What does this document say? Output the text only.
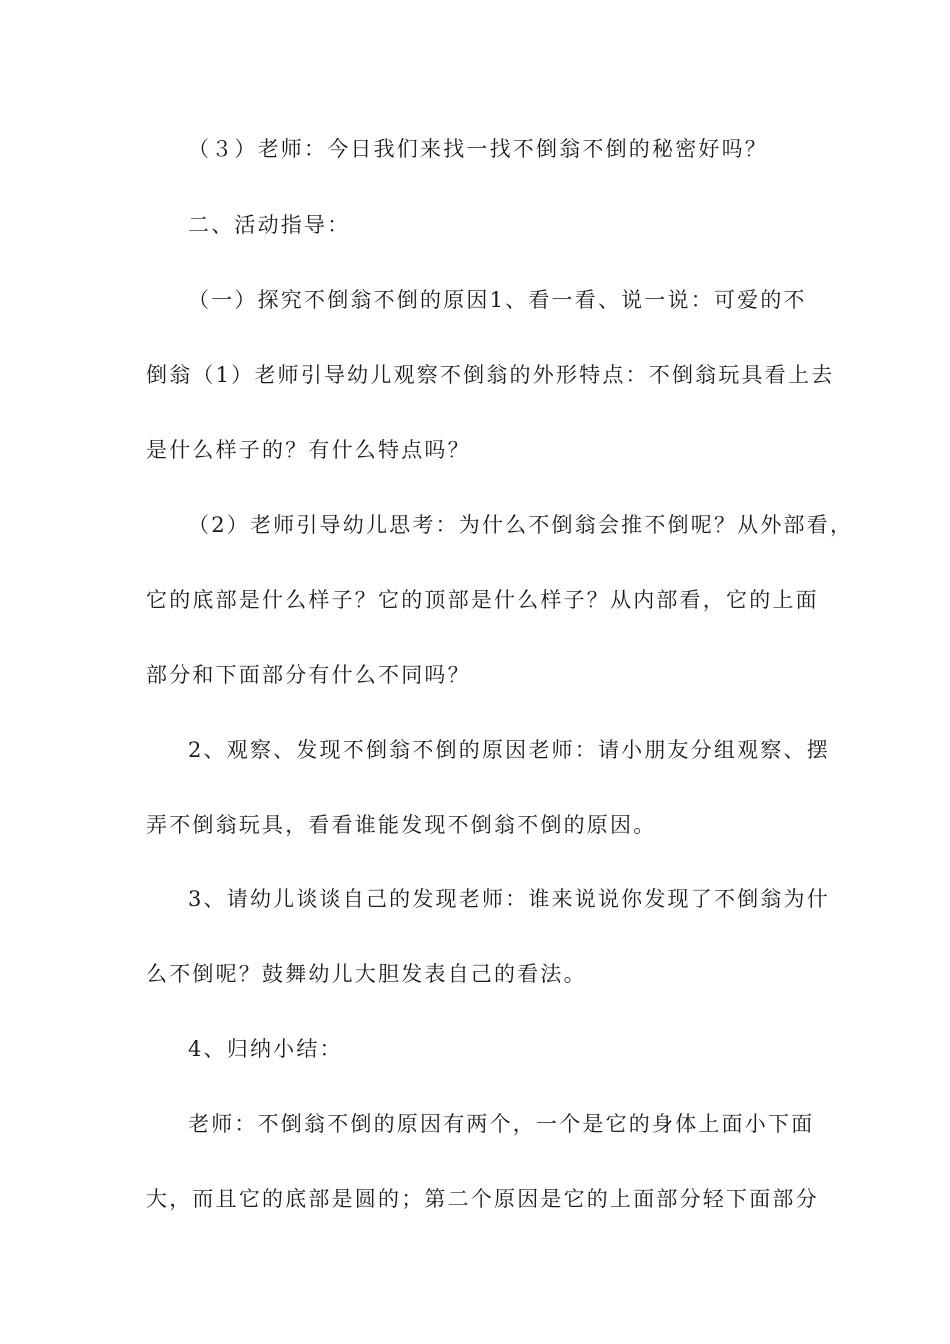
（３）老师：今日我们来找一找不倒翁不倒的秘密好吗？
二、活动指导：
（一）探究不倒翁不倒的原因1、看一看、说一说：可爱的不
倒翁（1）老师引导幼儿观察不倒翁的外形特点：不倒翁玩具看上去
是什么样子的？有什么特点吗？
（2）老师引导幼儿思考：为什么不倒翁会推不倒呢？从外部看，
它的底部是什么样子？它的顶部是什么样子？从内部看，它的上面
部分和下面部分有什么不同吗？
2、观察、发现不倒翁不倒的原因老师：请小朋友分组观察、摆
弄不倒翁玩具，看看谁能发现不倒翁不倒的原因。
3、请幼儿谈谈自己的发现老师：谁来说说你发现了不倒翁为什
么不倒呢？鼓舞幼儿大胆发表自己的看法。
4、归纳小结：
老师：不倒翁不倒的原因有两个，一个是它的身体上面小下面
大，而且它的底部是圆的；第二个原因是它的上面部分轻下面部分
